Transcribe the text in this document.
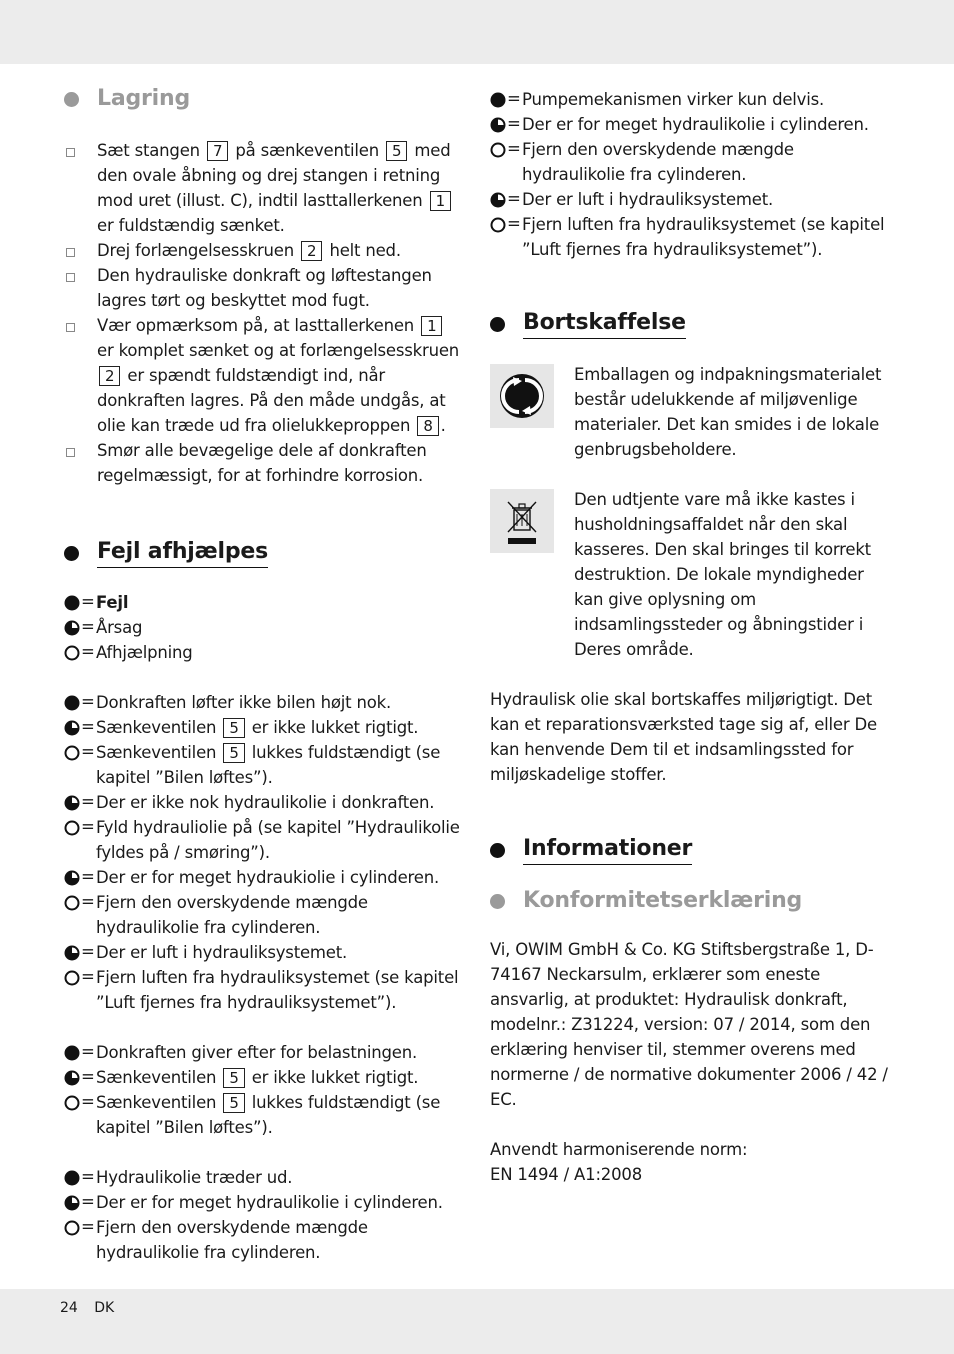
Lagring
Sæt stangen 7 på sænkeventilen 5 med den ovale åbning og drej stangen i retning mod uret (illust. C), indtil lasttallerkenen 1 er fuldstændig sænket.
Drej forlængelsesskruen 2 helt ned.
Den hydrauliske donkraft og løftestangen lagres tørt og beskyttet mod fugt.
Vær opmærksom på, at lasttallerkenen 1 er komplet sænket og at forlængelsesskruen 2 er spændt fuldstændigt ind, når donkraften lagres. På den måde undgås, at olie kan træde ud fra olielukkeproppen 8 .
Smør alle bevægelige dele af donkraften regelmæssigt, for at forhindre korrosion.
Fejl afhjælpes
= Fejl
= Årsag
= Afhjælpning
= Donkraften løfter ikke bilen højt nok.
= Sænkeventilen 5 er ikke lukket rigtigt.
= Sænkeventilen 5 lukkes fuldstændigt (se kapitel ”Bilen løftes”).
= Der er ikke nok hydraulikolie i donkraften.
= Fyld hydrauliolie på (se kapitel ”Hydraulikolie fyldes på / smøring”).
= Der er for meget hydraukiolie i cylinderen.
= Fjern den overskydende mængde hydraulikolie fra cylinderen.
= Der er luft i hydrauliksystemet.
= Fjern luften fra hydrauliksystemet (se kapitel ”Luft fjernes fra hydrauliksystemet”).
= Donkraften giver efter for belastningen.
= Sænkeventilen 5 er ikke lukket rigtigt.
= Sænkeventilen 5 lukkes fuldstændigt (se kapitel ”Bilen løftes”).
= Hydraulikolie træder ud.
= Der er for meget hydraulikolie i cylinderen.
= Fjern den overskydende mængde hydraulikolie fra cylinderen.
= Pumpemekanismen virker kun delvis.
= Der er for meget hydraulikolie i cylinderen.
= Fjern den overskydende mængde hydraulikolie fra cylinderen.
= Der er luft i hydrauliksystemet.
= Fjern luften fra hydrauliksystemet (se kapitel ”Luft fjernes fra hydrauliksystemet”).
Bortskaffelse
Emballagen og indpakningsmaterialet består udelukkende af miljøvenlige materialer. Det kan smides i de lokale genbrugsbeholdere.
Den udtjente vare må ikke kastes i husholdningsaffaldet når den skal kasseres. Den skal bringes til korrekt destruktion. De lokale myndigheder kan give oplysning om indsamlingssteder og åbningstider i Deres område.
Hydraulisk olie skal bortskaffes miljørigtigt. Det kan et reparationsværksted tage sig af, eller De kan henvende Dem til et indsamlingssted for miljøskadelige stoffer.
Informationer
Konformitetserklæring
Vi, OWIM GmbH & Co. KG Stiftsbergstraße 1, D-74167 Neckarsulm, erklærer som eneste ansvarlig, at produktet: Hydraulisk donkraft, modelnr.: Z31224, version: 07 / 2014, som den erklæring henviser til, stemmer overens med normerne / de normative dokumenter 2006 / 42 / EC.
Anvendt harmoniserende norm:
EN 1494 / A1:2008
24 DK
